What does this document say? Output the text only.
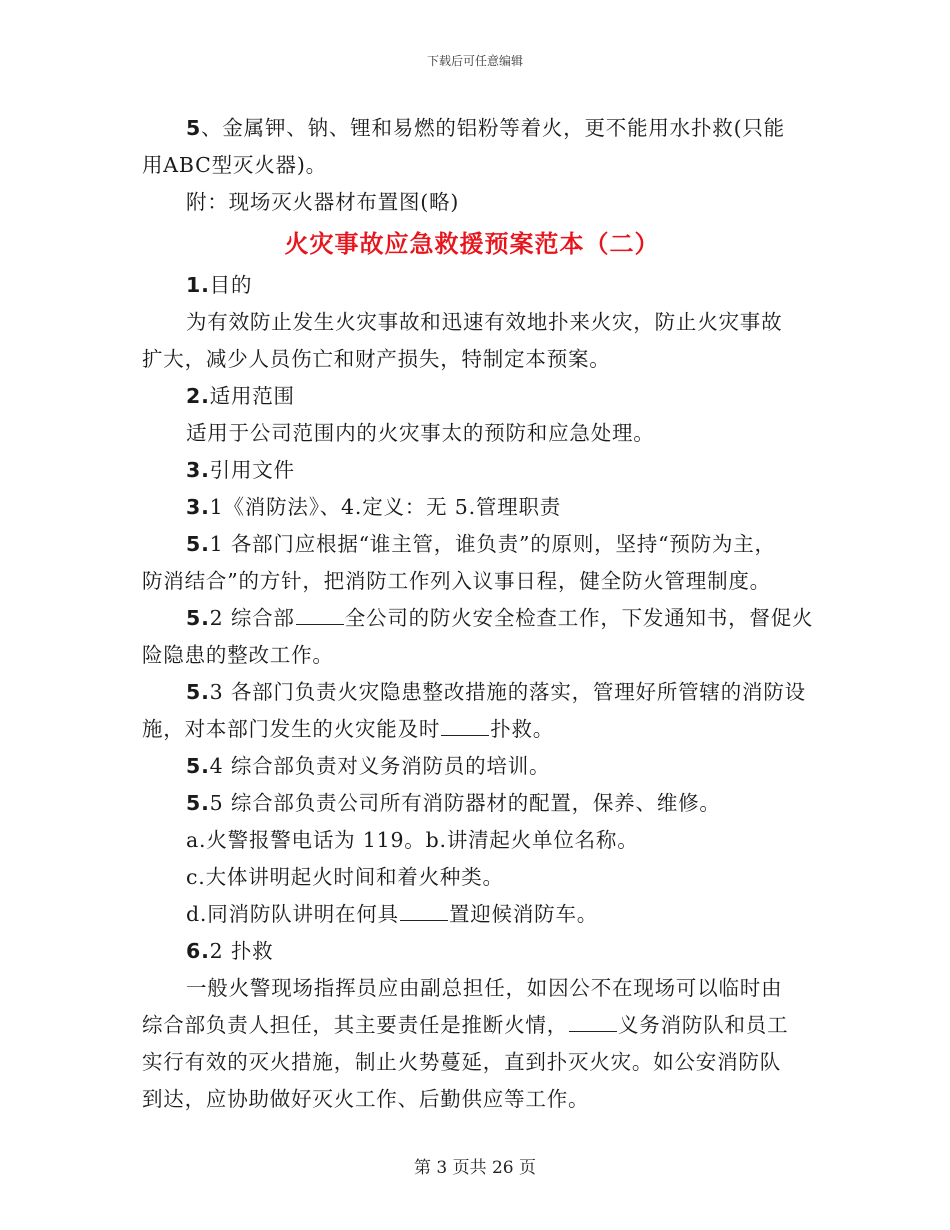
下载后可任意编辑

5、金属钾、钠、锂和易燃的铝粉等着火，更不能用水扑救(只能

用ABC型灭火器)。

附：现场灭火器材布置图(略)

火灾事故应急救援预案范本（二）

1.目的

为有效防止发生火灾事故和迅速有效地扑来火灾，防止火灾事故

扩大，减少人员伤亡和财产损失，特制定本预案。

2.适用范围

适用于公司范围内的火灾事太的预防和应急处理。

3.引用文件

3.1《消防法》、4.定义：无 5.管理职责

5.1 各部门应根据“谁主管，谁负责”的原则，坚持“预防为主，

防消结合”的方针，把消防工作列入议事日程，健全防火管理制度。

5.2 综合部 全公司的防火安全检查工作，下发通知书，督促火

险隐患的整改工作。

5.3 各部门负责火灾隐患整改措施的落实，管理好所管辖的消防设

施，对本部门发生的火灾能及时 扑救。

5.4 综合部负责对义务消防员的培训。

5.5 综合部负责公司所有消防器材的配置，保养、维修。

a.火警报警电话为 119。b.讲清起火单位名称。

c.大体讲明起火时间和着火种类。

d.同消防队讲明在何具 置迎候消防车。

6.2 扑救

一般火警现场指挥员应由副总担任，如因公不在现场可以临时由

综合部负责人担任，其主要责任是推断火情， 义务消防队和员工

实行有效的灭火措施，制止火势蔓延，直到扑灭火灾。如公安消防队

到达，应协助做好灭火工作、后勤供应等工作。

第 3 页共 26 页
